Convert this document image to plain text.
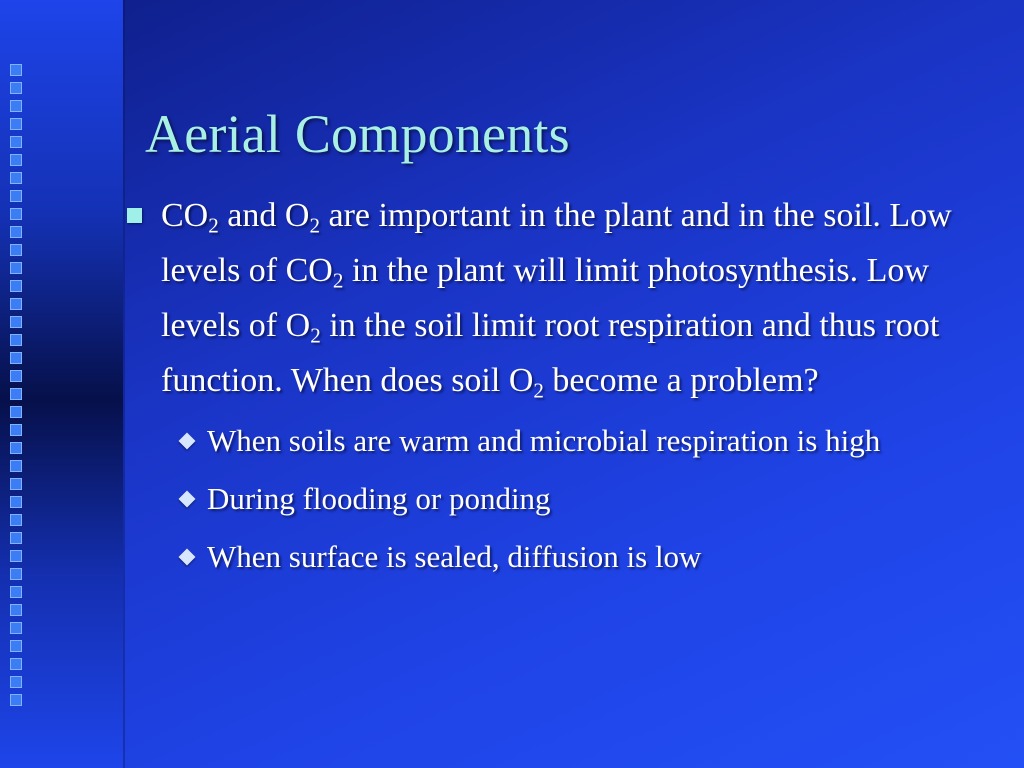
Aerial Components
$CO_2$ and $O_2$ are important in the plant and in the soil. Low levels of $CO_2$ in the plant will limit photosynthesis. Low levels of $O_2$ in the soil limit root respiration and thus root function. When does soil $O_2$ become a problem?
When soils are warm and microbial respiration is high
During flooding or ponding
When surface is sealed, diffusion is low
